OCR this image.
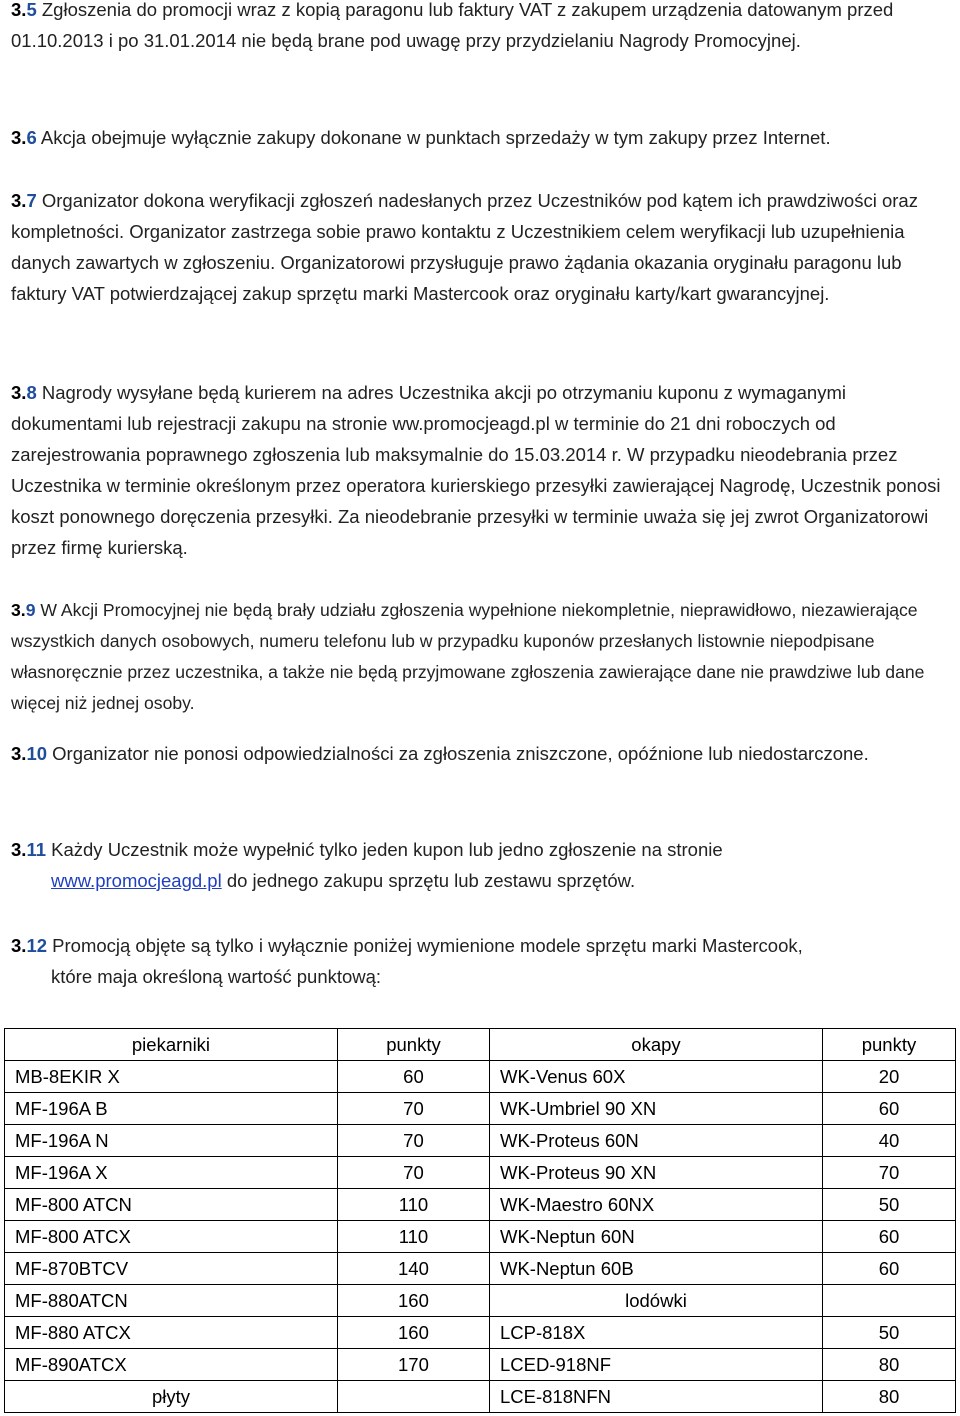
3.5 Zgłoszenia do promocji wraz z kopią paragonu lub faktury VAT z zakupem urządzenia datowanym przed 01.10.2013 i po 31.01.2014 nie będą brane pod uwagę przy przydzielaniu Nagrody Promocyjnej.

3.6 Akcja obejmuje wyłącznie zakupy dokonane w punktach sprzedaży w tym zakupy przez Internet.

3.7 Organizator dokona weryfikacji zgłoszeń nadesłanych przez Uczestników pod kątem ich prawdziwości oraz kompletności. Organizator zastrzega sobie prawo kontaktu z Uczestnikiem celem weryfikacji lub uzupełnienia danych zawartych w zgłoszeniu. Organizatorowi przysługuje prawo żądania okazania oryginału paragonu lub faktury VAT potwierdzającej zakup sprzętu marki Mastercook oraz oryginału karty/kart gwarancyjnej.

3.8 Nagrody wysyłane będą kurierem na adres Uczestnika akcji po otrzymaniu kuponu z wymaganymi dokumentami lub rejestracji zakupu na stronie ww.promocjeagd.pl w terminie do 21 dni roboczych od zarejestrowania poprawnego zgłoszenia lub maksymalnie do 15.03.2014 r. W przypadku nieodebrania przez Uczestnika w terminie określonym przez operatora kurierskiego przesyłki zawierającej Nagrodę, Uczestnik ponosi koszt ponownego doręczenia przesyłki. Za nieodebranie przesyłki w terminie uważa się jej zwrot Organizatorowi przez firmę kurierską.

3.9 W Akcji Promocyjnej nie będą brały udziału zgłoszenia wypełnione niekompletnie, nieprawidłowo, niezawierające wszystkich danych osobowych, numeru telefonu lub w przypadku kuponów przesłanych listownie niepodpisane własnoręcznie przez uczestnika, a także nie będą przyjmowane zgłoszenia zawierające dane nie prawdziwe lub dane więcej niż jednej osoby.

3.10 Organizator nie ponosi odpowiedzialności za zgłoszenia zniszczone, opóźnione lub niedostarczone.

3.11 Każdy Uczestnik może wypełnić tylko jeden kupon lub jedno zgłoszenie na stronie
www.promocjeagd.pl do jednego zakupu sprzętu lub zestawu sprzętów.

3.12 Promocją objęte są tylko i wyłącznie poniżej wymienione modele sprzętu marki Mastercook,
które maja określoną wartość punktową:

piekarniki	punkty	okapy	punkty
MB-8EKIR X	60	WK-Venus 60X	20
MF-196A B	70	WK-Umbriel 90 XN	60
MF-196A N	70	WK-Proteus 60N	40
MF-196A X	70	WK-Proteus 90 XN	70
MF-800 ATCN	110	WK-Maestro 60NX	50
MF-800 ATCX	110	WK-Neptun 60N	60
MF-870BTCV	140	WK-Neptun 60B	60
MF-880ATCN	160	lodówki	
MF-880 ATCX	160	LCP-818X	50
MF-890ATCX	170	LCED-918NF	80
płyty		LCE-818NFN	80
